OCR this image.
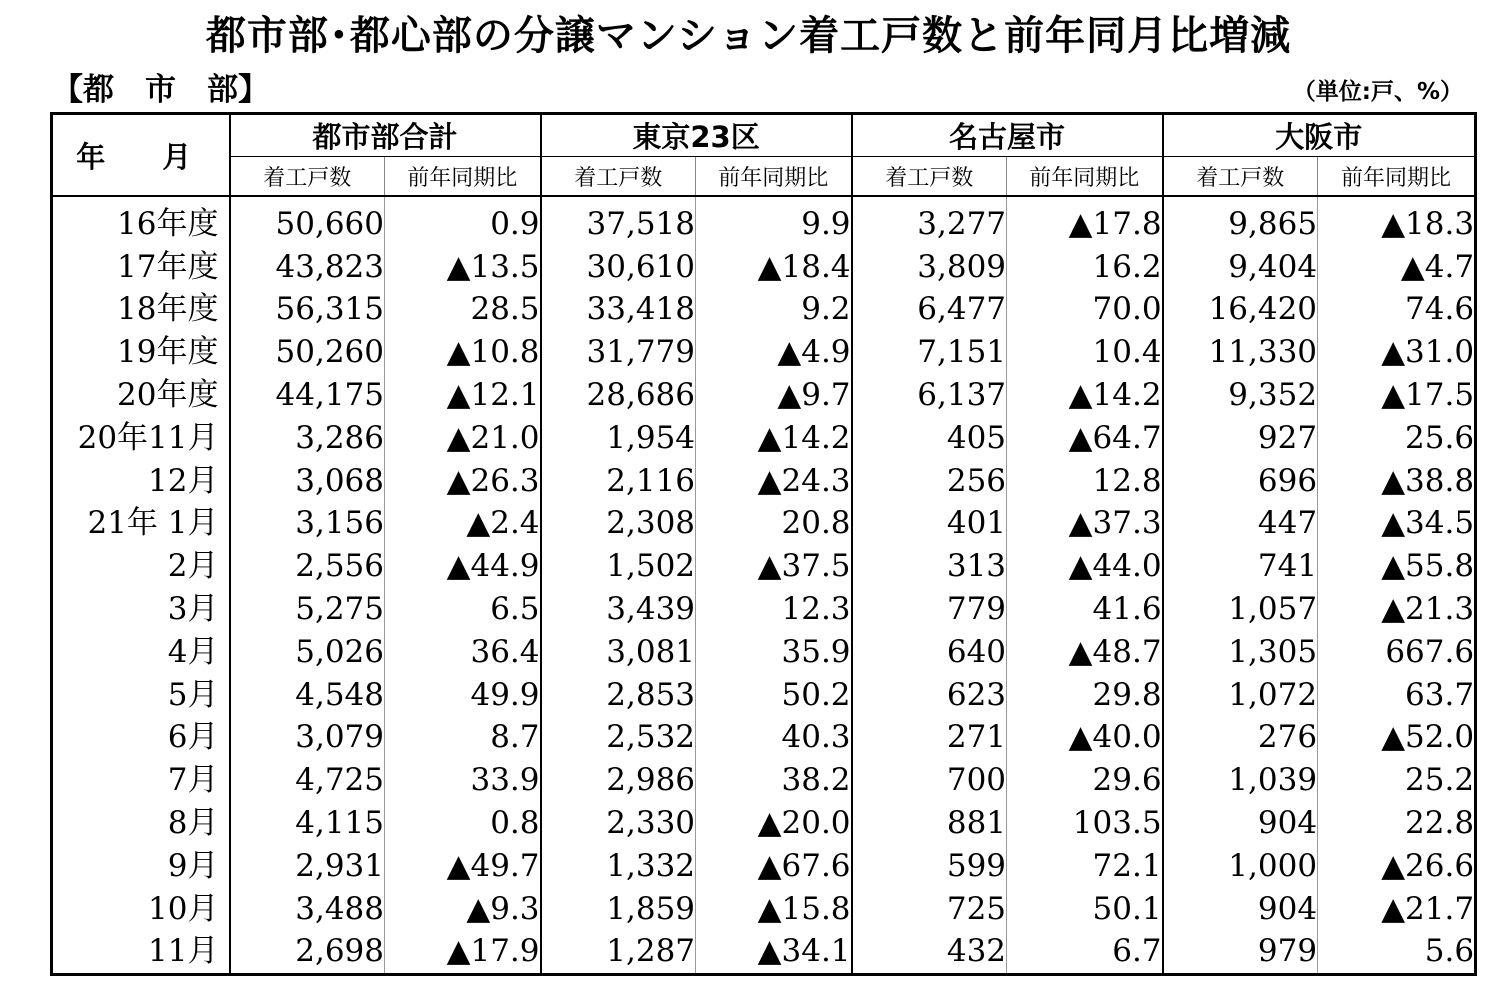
都市部･都心部の分譲マンション着工戸数と前年同月比増減
【都　市　部】	（単位:戸、%）
年　月	都市部合計		東京23区		名古屋市		大阪市	
	着工戸数	前年同期比	着工戸数	前年同期比	着工戸数	前年同期比	着工戸数	前年同期比
16年度	50,660	0.9	37,518	9.9	3,277	▲17.8	9,865	▲18.3
17年度	43,823	▲13.5	30,610	▲18.4	3,809	16.2	9,404	▲4.7
18年度	56,315	28.5	33,418	9.2	6,477	70.0	16,420	74.6
19年度	50,260	▲10.8	31,779	▲4.9	7,151	10.4	11,330	▲31.0
20年度	44,175	▲12.1	28,686	▲9.7	6,137	▲14.2	9,352	▲17.5
20年11月	3,286	▲21.0	1,954	▲14.2	405	▲64.7	927	25.6
12月	3,068	▲26.3	2,116	▲24.3	256	12.8	696	▲38.8
21年 1月	3,156	▲2.4	2,308	20.8	401	▲37.3	447	▲34.5
2月	2,556	▲44.9	1,502	▲37.5	313	▲44.0	741	▲55.8
3月	5,275	6.5	3,439	12.3	779	41.6	1,057	▲21.3
4月	5,026	36.4	3,081	35.9	640	▲48.7	1,305	667.6
5月	4,548	49.9	2,853	50.2	623	29.8	1,072	63.7
6月	3,079	8.7	2,532	40.3	271	▲40.0	276	▲52.0
7月	4,725	33.9	2,986	38.2	700	29.6	1,039	25.2
8月	4,115	0.8	2,330	▲20.0	881	103.5	904	22.8
9月	2,931	▲49.7	1,332	▲67.6	599	72.1	1,000	▲26.6
10月	3,488	▲9.3	1,859	▲15.8	725	50.1	904	▲21.7
11月	2,698	▲17.9	1,287	▲34.1	432	6.7	979	5.6
